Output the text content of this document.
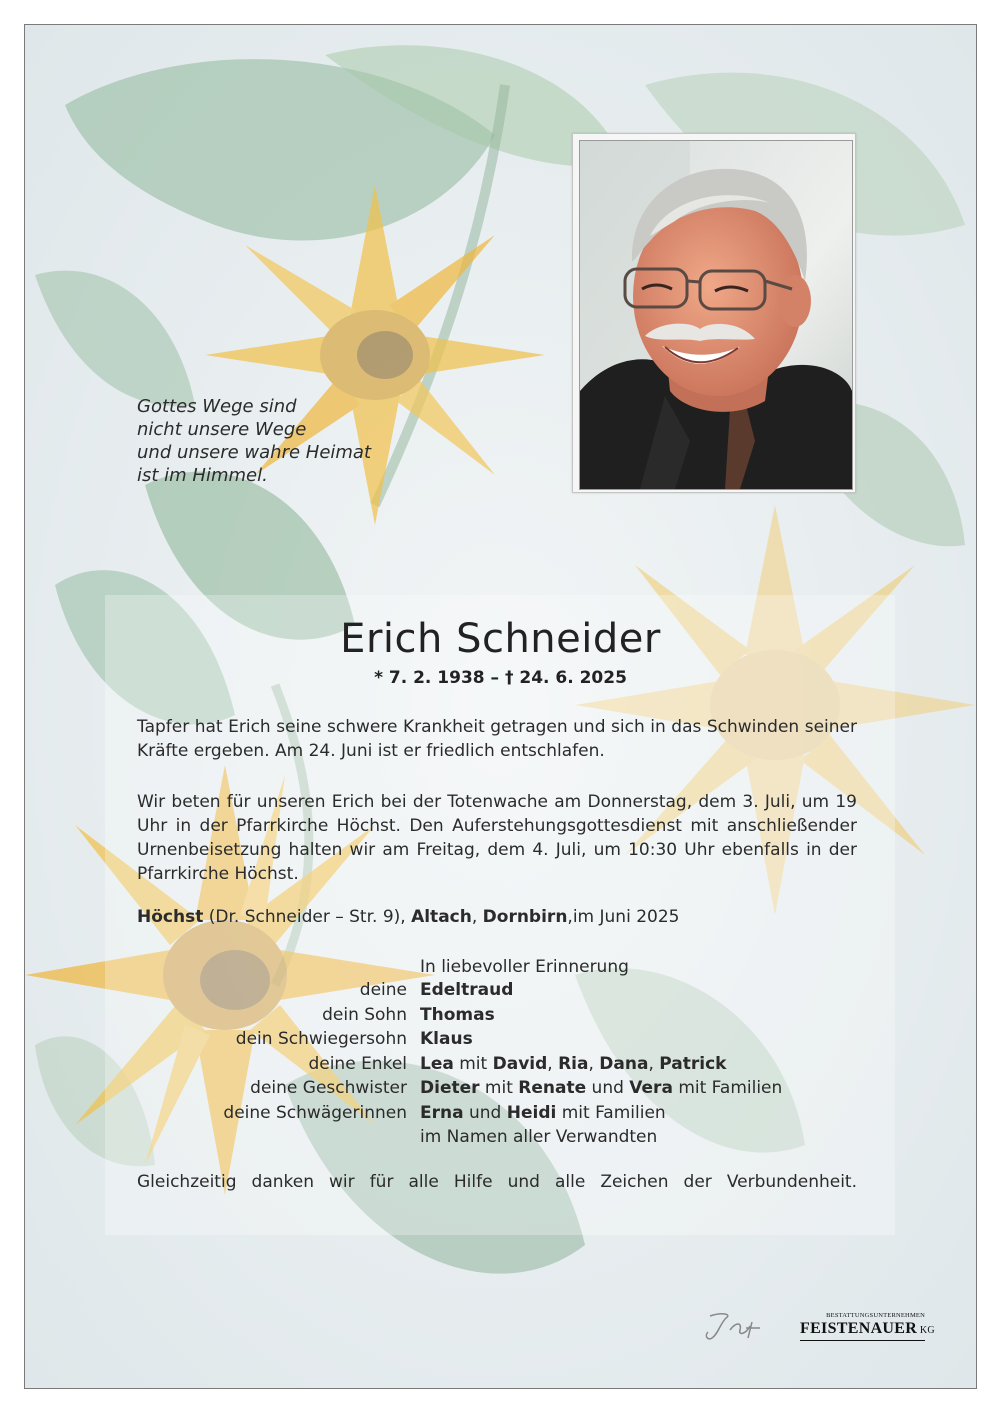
Gottes Wege sind
nicht unsere Wege
und unsere wahre Heimat
ist im Himmel.
Erich Schneider
* 7. 2. 1938 – † 24. 6. 2025
Tapfer hat Erich seine schwere Krankheit getragen und sich in das Schwinden seiner Kräfte ergeben. Am 24. Juni ist er friedlich entschlafen.
Wir beten für unseren Erich bei der Totenwache am Donnerstag, dem 3. Juli, um 19 Uhr in der Pfarrkirche Höchst. Den Auferstehungsgottesdienst mit anschließender Urnenbeisetzung halten wir am Freitag, dem 4. Juli, um 10:30 Uhr ebenfalls in der Pfarrkirche Höchst.
Höchst (Dr. Schneider – Str. 9), Altach, Dornbirn,im Juni 2025
In liebevoller Erinnerung
deine Edeltraud
dein Sohn Thomas
dein Schwiegersohn Klaus
deine Enkel Lea mit David, Ria, Dana, Patrick
deine Geschwister Dieter mit Renate und Vera mit Familien
deine Schwägerinnen Erna und Heidi mit Familien
im Namen aller Verwandten
Gleichzeitig danken wir für alle Hilfe und alle Zeichen der Verbundenheit.
BESTATTUNGSUNTERNEHMEN
FEISTENAUER KG
